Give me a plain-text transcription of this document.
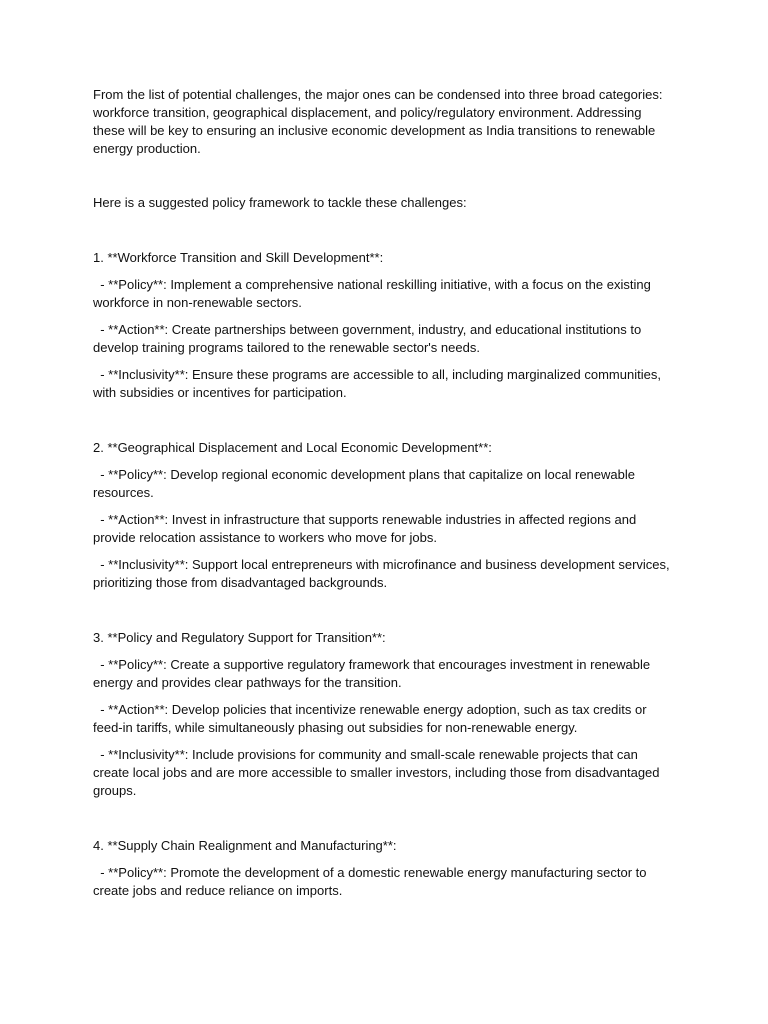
From the list of potential challenges, the major ones can be condensed into three broad categories: workforce transition, geographical displacement, and policy/regulatory environment. Addressing these will be key to ensuring an inclusive economic development as India transitions to renewable energy production.

Here is a suggested policy framework to tackle these challenges:

1. **Workforce Transition and Skill Development**:

- **Policy**: Implement a comprehensive national reskilling initiative, with a focus on the existing workforce in non-renewable sectors.

- **Action**: Create partnerships between government, industry, and educational institutions to develop training programs tailored to the renewable sector's needs.

- **Inclusivity**: Ensure these programs are accessible to all, including marginalized communities, with subsidies or incentives for participation.

2. **Geographical Displacement and Local Economic Development**:

- **Policy**: Develop regional economic development plans that capitalize on local renewable resources.

- **Action**: Invest in infrastructure that supports renewable industries in affected regions and provide relocation assistance to workers who move for jobs.

- **Inclusivity**: Support local entrepreneurs with microfinance and business development services, prioritizing those from disadvantaged backgrounds.

3. **Policy and Regulatory Support for Transition**:

- **Policy**: Create a supportive regulatory framework that encourages investment in renewable energy and provides clear pathways for the transition.

- **Action**: Develop policies that incentivize renewable energy adoption, such as tax credits or feed-in tariffs, while simultaneously phasing out subsidies for non-renewable energy.

- **Inclusivity**: Include provisions for community and small-scale renewable projects that can create local jobs and are more accessible to smaller investors, including those from disadvantaged groups.

4. **Supply Chain Realignment and Manufacturing**:

- **Policy**: Promote the development of a domestic renewable energy manufacturing sector to create jobs and reduce reliance on imports.
